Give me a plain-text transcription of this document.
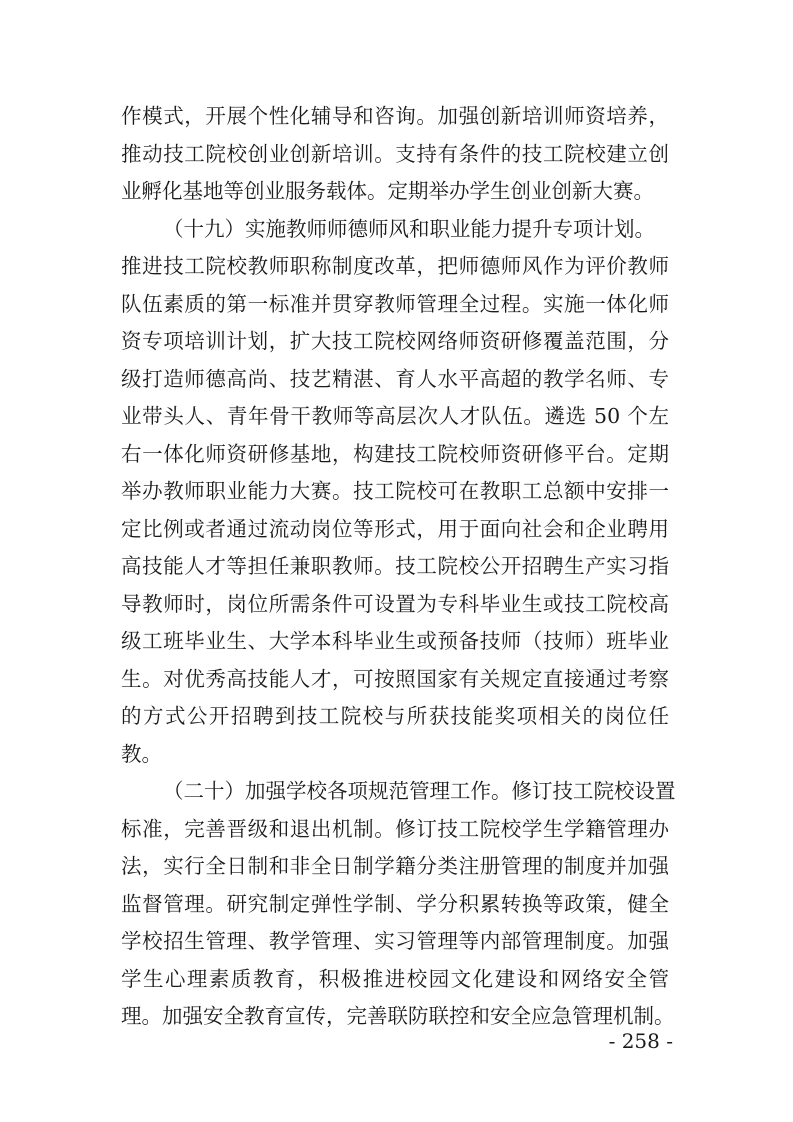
作模式，开展个性化辅导和咨询。加强创新培训师资培养，
推动技工院校创业创新培训。支持有条件的技工院校建立创
业孵化基地等创业服务载体。定期举办学生创业创新大赛。
（十九）实施教师师德师风和职业能力提升专项计划。
推进技工院校教师职称制度改革，把师德师风作为评价教师
队伍素质的第一标准并贯穿教师管理全过程。实施一体化师
资专项培训计划，扩大技工院校网络师资研修覆盖范围，分
级打造师德高尚、技艺精湛、育人水平高超的教学名师、专
业带头人、青年骨干教师等高层次人才队伍。遴选 50 个左
右一体化师资研修基地，构建技工院校师资研修平台。定期
举办教师职业能力大赛。技工院校可在教职工总额中安排一
定比例或者通过流动岗位等形式，用于面向社会和企业聘用
高技能人才等担任兼职教师。技工院校公开招聘生产实习指
导教师时，岗位所需条件可设置为专科毕业生或技工院校高
级工班毕业生、大学本科毕业生或预备技师（技师）班毕业
生。对优秀高技能人才，可按照国家有关规定直接通过考察
的方式公开招聘到技工院校与所获技能奖项相关的岗位任
教。
（二十）加强学校各项规范管理工作。修订技工院校设置
标准，完善晋级和退出机制。修订技工院校学生学籍管理办
法，实行全日制和非全日制学籍分类注册管理的制度并加强
监督管理。研究制定弹性学制、学分积累转换等政策，健全
学校招生管理、教学管理、实习管理等内部管理制度。加强
学生心理素质教育，积极推进校园文化建设和网络安全管
理。加强安全教育宣传，完善联防联控和安全应急管理机制。
- 258 -
